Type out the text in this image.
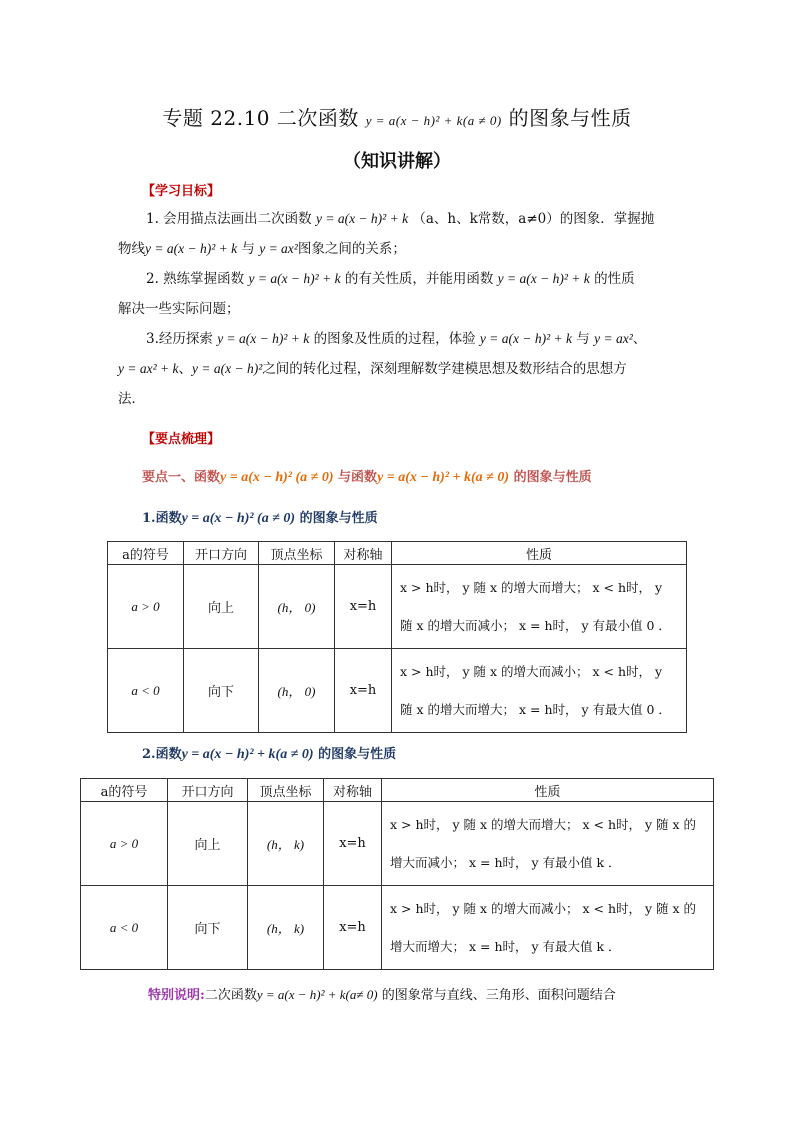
专题 22.10 二次函数 y = a(x − h)² + k(a ≠ 0) 的图象与性质
（知识讲解）
【学习目标】
1. 会用描点法画出二次函数 y = a(x − h)² + k （a、h、k常数，a≠0）的图象．掌握抛
物线y = a(x − h)² + k 与 y = ax²图象之间的关系；
2. 熟练掌握函数 y = a(x − h)² + k 的有关性质，并能用函数 y = a(x − h)² + k 的性质
解决一些实际问题；
3.经历探索 y = a(x − h)² + k 的图象及性质的过程，体验 y = a(x − h)² + k 与 y = ax²、
y = ax² + k、y = a(x − h)²之间的转化过程，深刻理解数学建模思想及数形结合的思想方
法．
【要点梳理】
要点一、函数y = a(x − h)² (a ≠ 0) 与函数y = a(x − h)² + k(a ≠ 0) 的图象与性质
1.函数y = a(x − h)² (a ≠ 0) 的图象与性质
a的符号	开口方向	顶点坐标	对称轴	性质
a > 0	向上	(h， 0)	x=h	x > h时， y 随 x 的增大而增大； x < h时， y
随 x 的增大而减小； x = h时， y 有最小值 0 ．

a < 0	向下	(h， 0)	x=h	x > h时， y 随 x 的增大而减小； x < h时， y
随 x 的增大而增大； x = h时， y 有最大值 0 ．
2.函数y = a(x − h)² + k(a ≠ 0) 的图象与性质
a的符号	开口方向	顶点坐标	对称轴	性质
a > 0	向上	(h， k)	x=h	x > h时， y 随 x 的增大而增大； x < h时， y 随 x 的
增大而减小； x = h时， y 有最小值 k ．

a < 0	向下	(h， k)	x=h	x > h时， y 随 x 的增大而减小； x < h时， y 随 x 的
增大而增大； x = h时， y 有最大值 k ．
特别说明:二次函数y = a(x − h)² + k(a≠ 0) 的图象常与直线、三角形、面积问题结合
